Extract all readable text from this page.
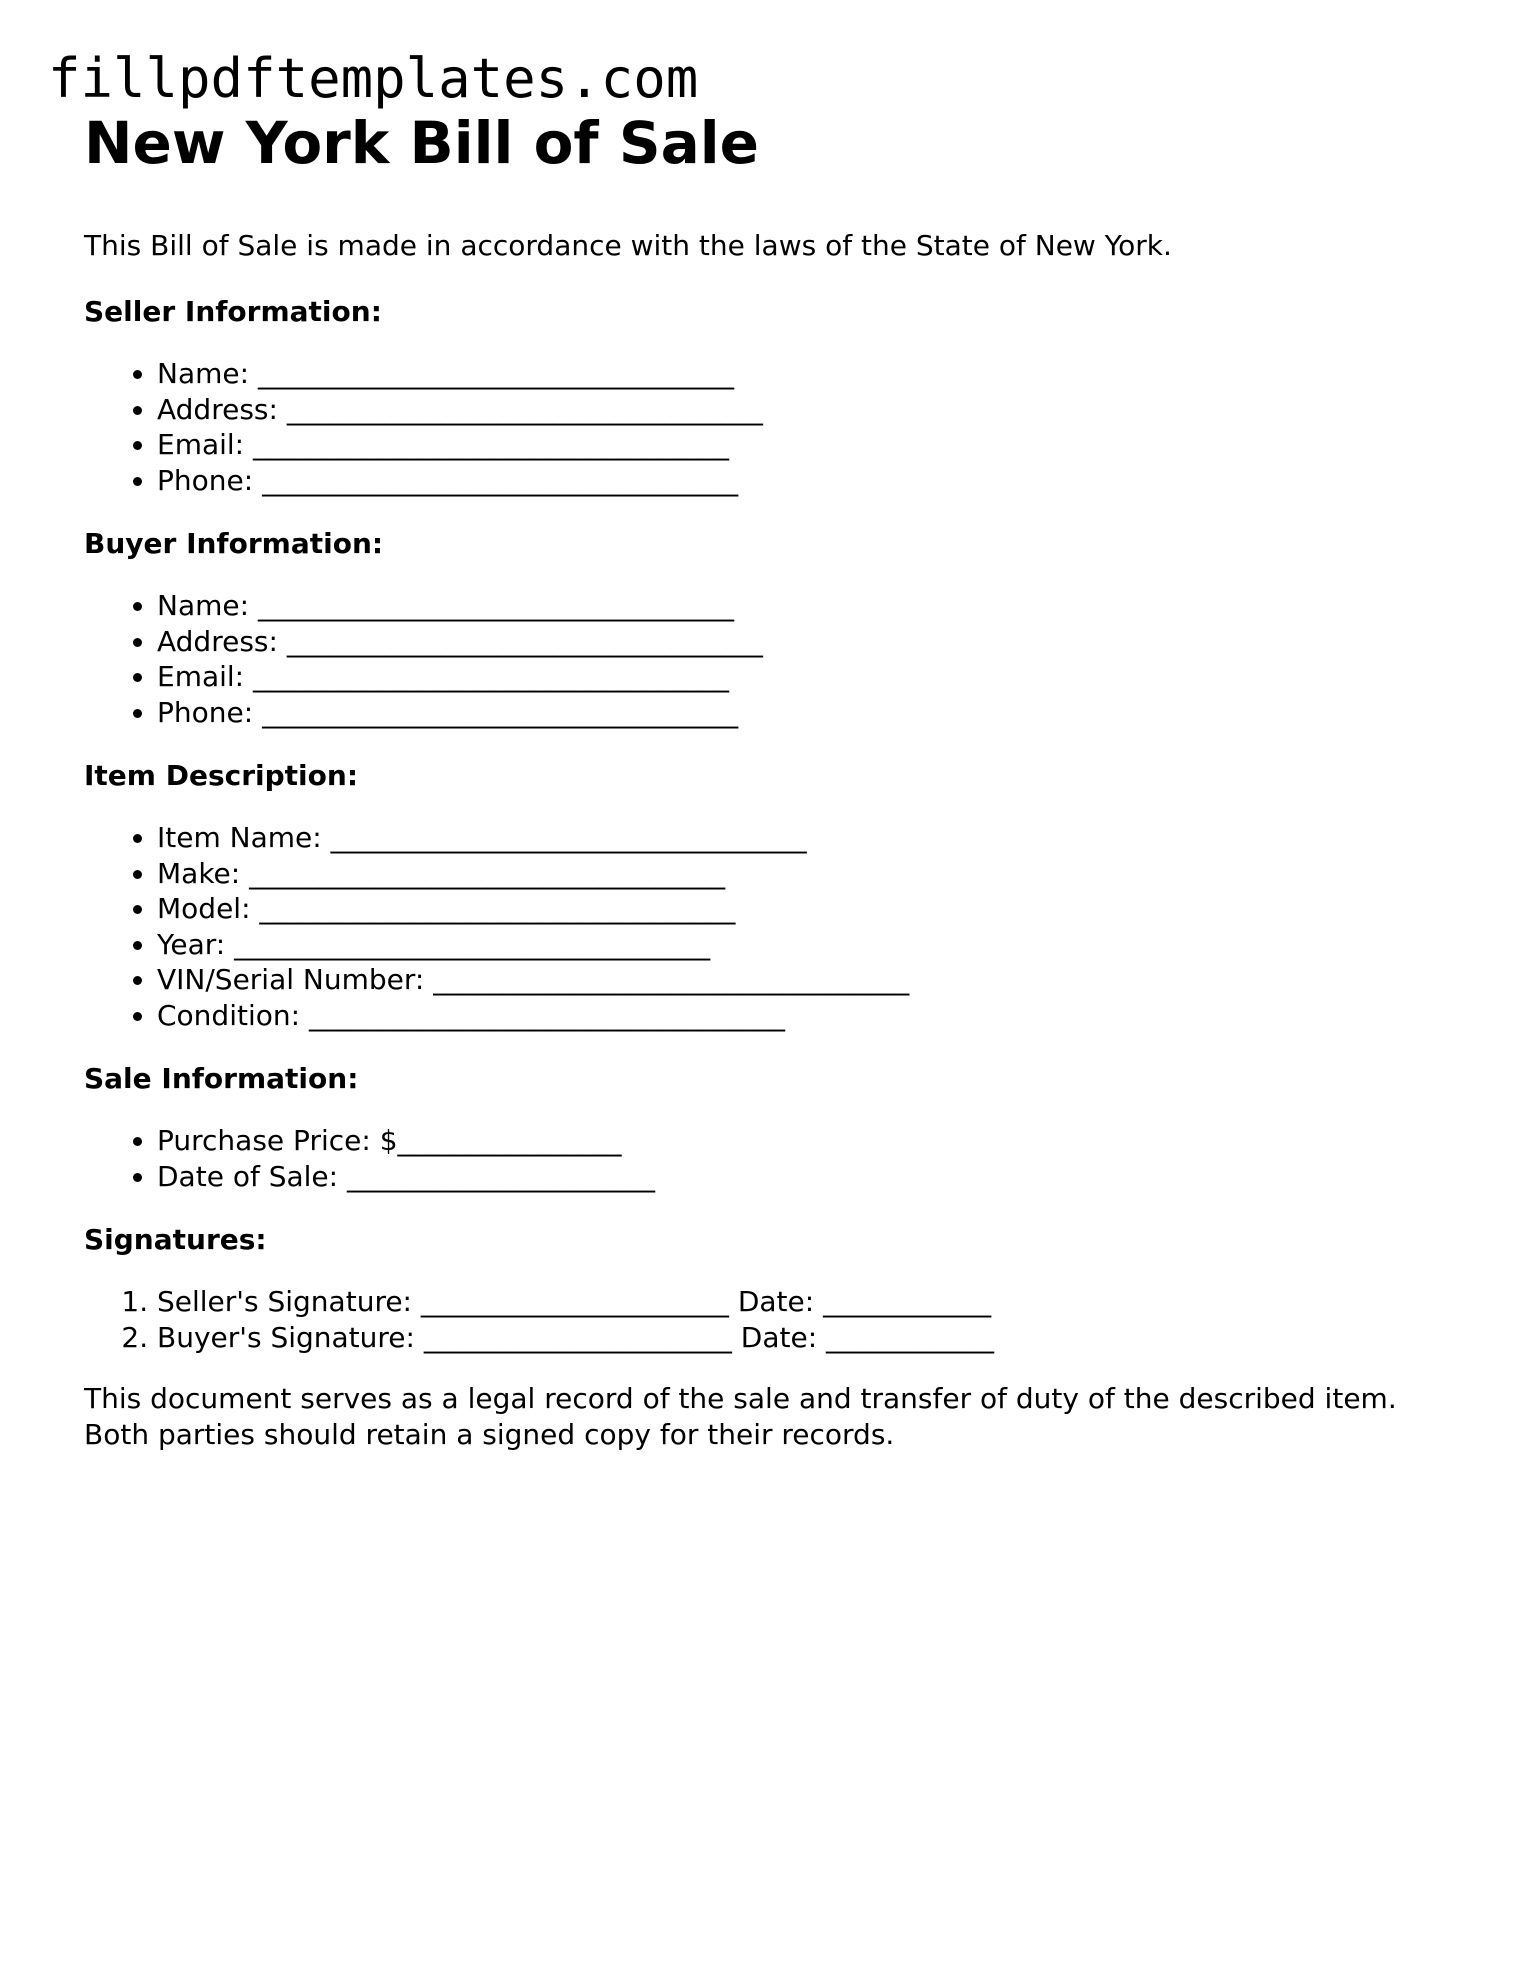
fillpdftemplates.com
New York Bill of Sale

This Bill of Sale is made in accordance with the laws of the State of New York.

Seller Information:
• Name: __________________________________
• Address: __________________________________
• Email: __________________________________
• Phone: __________________________________
Buyer Information:
• Name: __________________________________
• Address: __________________________________
• Email: __________________________________
• Phone: __________________________________
Item Description:
• Item Name: __________________________________
• Make: __________________________________
• Model: __________________________________
• Year: __________________________________
• VIN/Serial Number: __________________________________
• Condition: __________________________________
Sale Information:
• Purchase Price: $________________
• Date of Sale: ______________________
Signatures:
1. Seller's Signature: ______________________ Date: ____________
2. Buyer's Signature: ______________________ Date: ____________

This document serves as a legal record of the sale and transfer of duty of the described item. Both parties should retain a signed copy for their records.
